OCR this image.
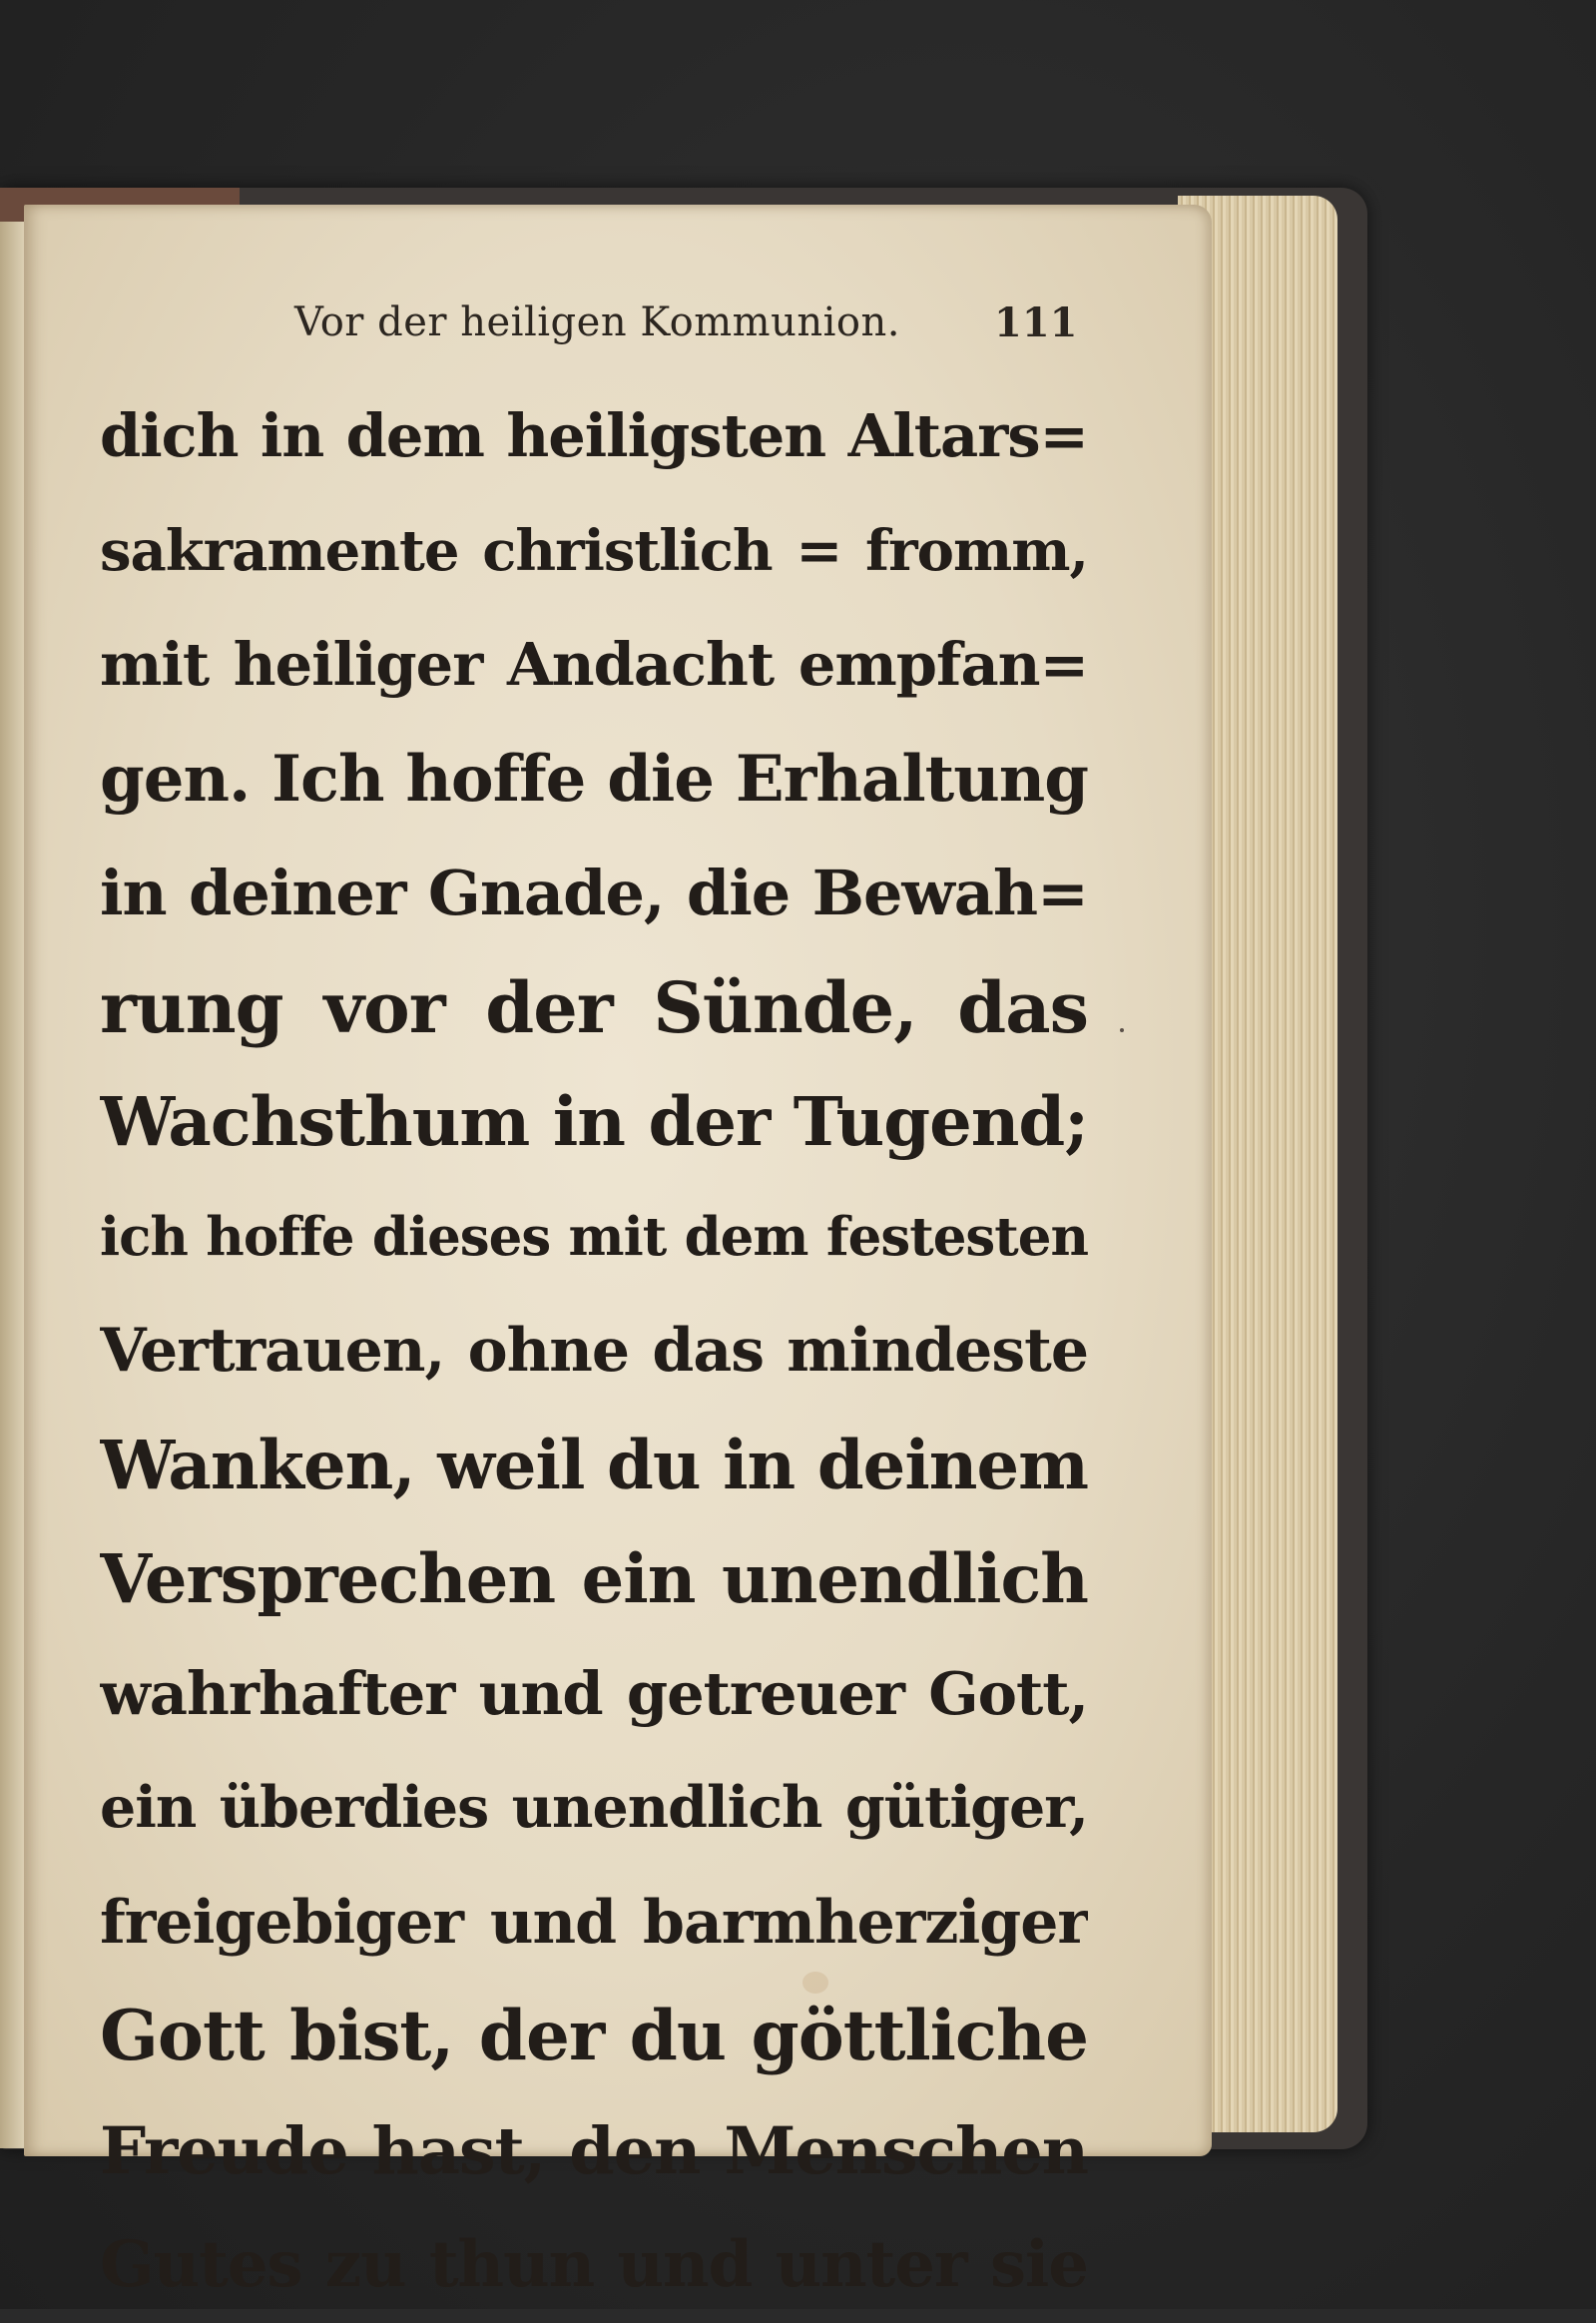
Vor der heiligen Kommunion. 111
dich in dem heiligsten Altars=
sakramente christlich = fromm,
mit heiliger Andacht empfan=
gen. Ich hoffe die Erhaltung
in deiner Gnade, die Bewah=
rung vor der Sünde, das
Wachsthum in der Tugend;
ich hoffe dieses mit dem festesten
Vertrauen, ohne das mindeste
Wanken, weil du in deinem
Versprechen ein unendlich
wahrhafter und getreuer Gott,
ein überdies unendlich gütiger,
freigebiger und barmherziger
Gott bist, der du göttliche
Freude hast, den Menschen
Gutes zu thun und unter sie
